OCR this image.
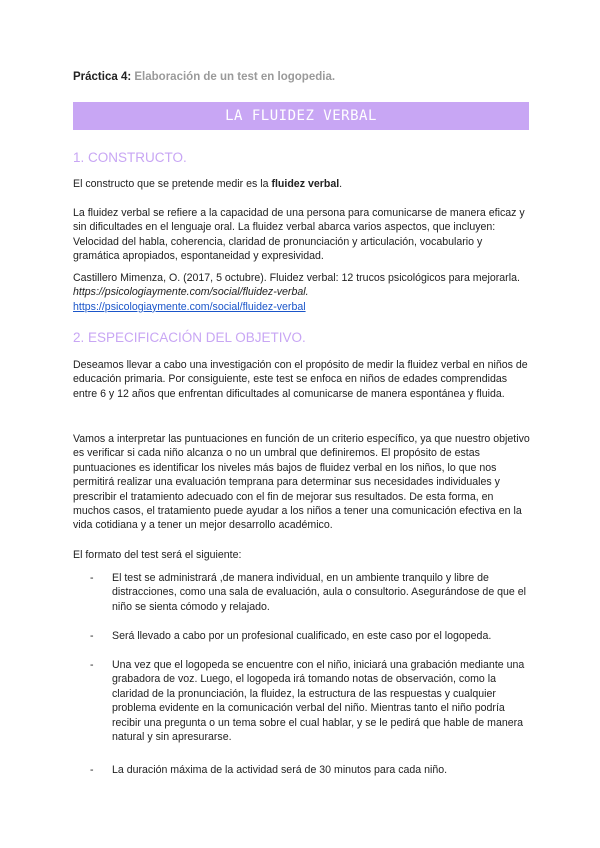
Práctica 4: Elaboración de un test en logopedia.
LA FLUIDEZ VERBAL
1. CONSTRUCTO.

El constructo que se pretende medir es la fluidez verbal.

La fluidez verbal se refiere a la capacidad de una persona para comunicarse de manera eficaz y sin dificultades en el lenguaje oral. La fluidez verbal abarca varios aspectos, que incluyen: Velocidad del habla, coherencia, claridad de pronunciación y articulación, vocabulario y gramática apropiados, espontaneidad y expresividad.

Castillero Mimenza, O. (2017, 5 octubre). Fluidez verbal: 12 trucos psicológicos para mejorarla. https://psicologiaymente.com/social/fluidez-verbal.
https://psicologiaymente.com/social/fluidez-verbal

2. ESPECIFICACIÓN DEL OBJETIVO.

Deseamos llevar a cabo una investigación con el propósito de medir la fluidez verbal en niños de educación primaria. Por consiguiente, este test se enfoca en niños de edades comprendidas entre 6 y 12 años que enfrentan dificultades al comunicarse de manera espontánea y fluida.

Vamos a interpretar las puntuaciones en función de un criterio específico, ya que nuestro objetivo es verificar si cada niño alcanza o no un umbral que definiremos. El propósito de estas puntuaciones es identificar los niveles más bajos de fluidez verbal en los niños, lo que nos permitirá realizar una evaluación temprana para determinar sus necesidades individuales y prescribir el tratamiento adecuado con el fin de mejorar sus resultados. De esta forma, en muchos casos, el tratamiento puede ayudar a los niños a tener una comunicación efectiva en la vida cotidiana y a tener un mejor desarrollo académico.

El formato del test será el siguiente:

- El test se administrará ,de manera individual, en un ambiente tranquilo y libre de distracciones, como una sala de evaluación, aula o consultorio. Asegurándose de que el niño se sienta cómodo y relajado.
- Será llevado a cabo por un profesional cualificado, en este caso por el logopeda.
- Una vez que el logopeda se encuentre con el niño, iniciará una grabación mediante una grabadora de voz. Luego, el logopeda irá tomando notas de observación, como la claridad de la pronunciación, la fluidez, la estructura de las respuestas y cualquier problema evidente en la comunicación verbal del niño. Mientras tanto el niño podría recibir una pregunta o un tema sobre el cual hablar, y se le pedirá que hable de manera natural y sin apresurarse.
- La duración máxima de la actividad será de 30 minutos para cada niño.
